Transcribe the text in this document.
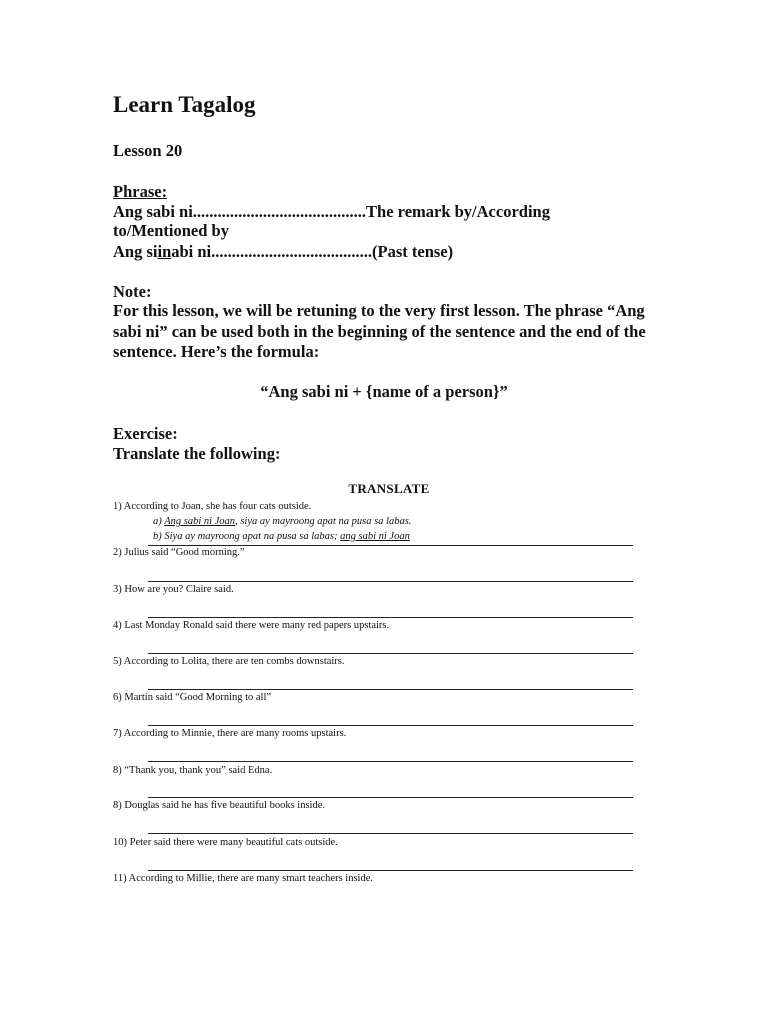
Learn Tagalog
Lesson 20
Phrase:
Ang sabi ni..........................................The remark by/According
to/Mentioned by
Ang siinabi ni.......................................(Past tense)
Note:
For this lesson, we will be retuning to the very first lesson. The phrase “Ang sabi ni” can be used both in the beginning of the sentence and the end of the sentence. Here’s the formula:
“Ang sabi ni + {name of a person}”
Exercise:
Translate the following:
TRANSLATE
1) According to Joan, she has four cats outside.
a) Ang sabi ni Joan, siya ay mayroong apat na pusa sa labas.
b) Siya ay mayroong apat na pusa sa labas; ang sabi ni Joan
2) Julius said “Good morning.”
3) How are you? Claire said.
4) Last Monday Ronald said there were many red papers upstairs.
5) According to Lolita, there are ten combs downstairs.
6) Martin said “Good Morning to all”
7) According to Minnie, there are many rooms upstairs.
8) “Thank you, thank you” said Edna.
8) Douglas said he has five beautiful books inside.
10) Peter said there were many beautiful cats outside.
11) According to Millie, there are many smart teachers inside.
